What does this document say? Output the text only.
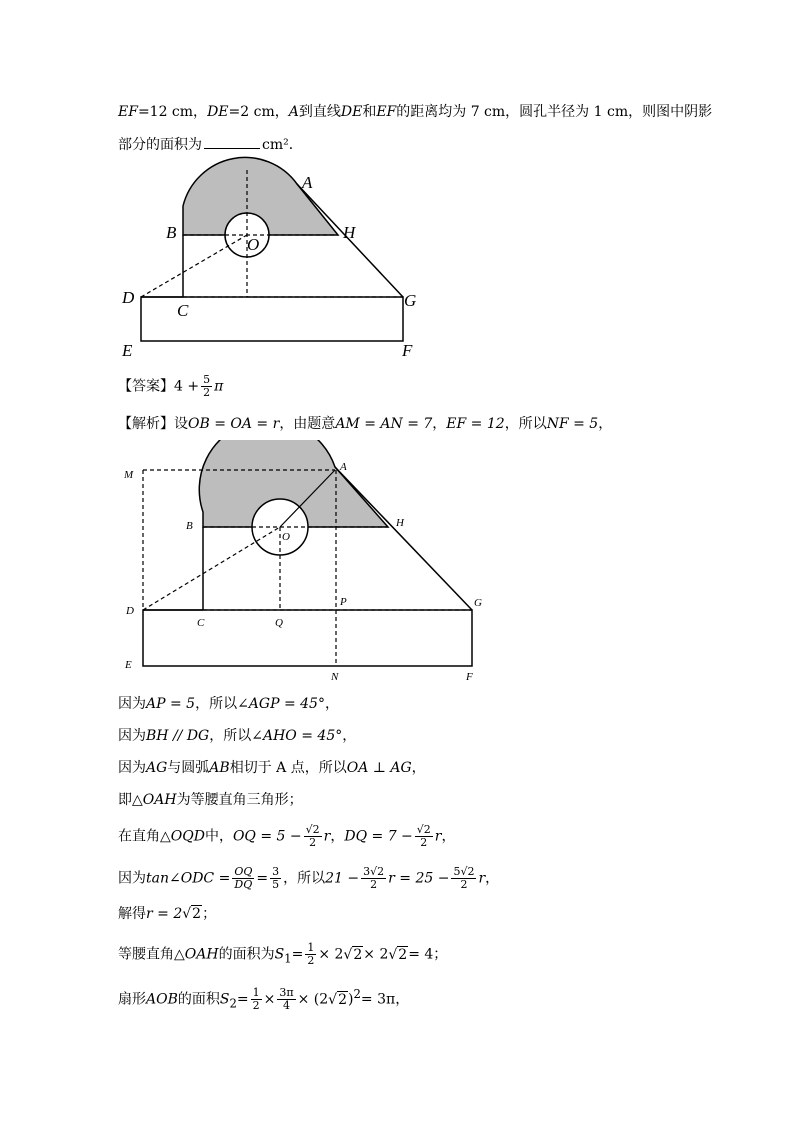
EF=12 cm，DE=2 cm，A到直线DE和EF的距离均为 7 cm，圆孔半径为 1 cm，则图中阴影
部分的面积为	cm²．
A
B	H
O
D
C
G
E	F
【答案】$4 + \frac{5}{2}$ π
【解析】设OB = OA = r，由题意AM = AN = 7，EF = 12，所以NF = 5，
M
A
B	H
O
D
C	Q
P	G
E
N	F
因为AP = 5，所以∠AGP = 45°，
因为BH // DG，所以∠AHO = 45°，
因为AG与圆弧AB相切于 A 点，所以OA ⊥ AG，
即△OAH为等腰直角三角形；
在直角△OQD中，OQ = $5 - \frac{√2}{2}$ r，DQ = $7 - \frac{√2}{2}$ r，
因为tan∠ODC = $\frac{OQ}{DQ} = \frac{3}{5}$ ，所以$21 - \frac{3√2}{2}$ $r = 25 - \frac{5√2}{2}$ r，
解得r = 2√2；
等腰直角△OAH的面积为$S_1= \frac{1}{2} \times 2√2\times 2√2= 4$；
扇形AOB的面积$S_2= \frac{1}{2} \times \frac{3\pi}{4} \times (2√2)^2= 3\pi$，
